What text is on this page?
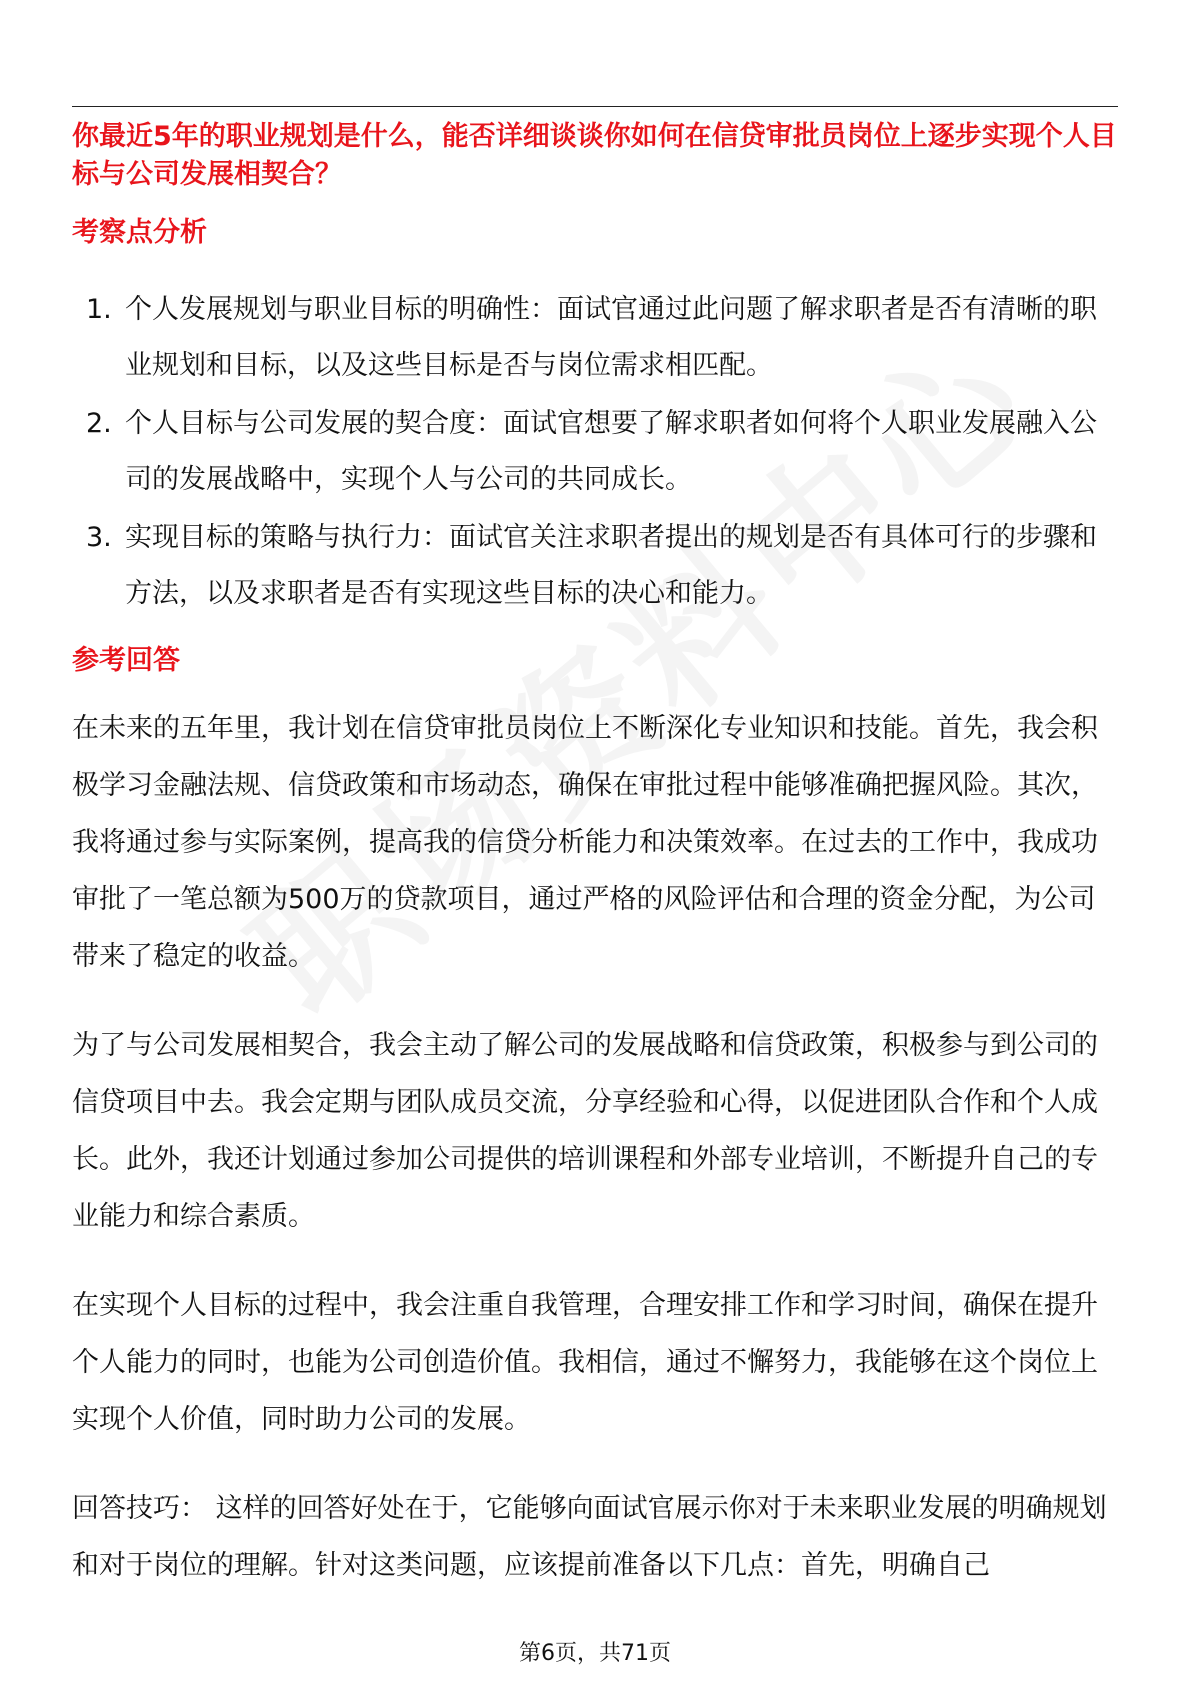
你最近5年的职业规划是什么，能否详细谈谈你如何在信贷审批员岗位上逐步实现个人目标与公司发展相契合？

考察点分析

1. 个人发展规划与职业目标的明确性：面试官通过此问题了解求职者是否有清晰的职业规划和目标，以及这些目标是否与岗位需求相匹配。
2. 个人目标与公司发展的契合度：面试官想要了解求职者如何将个人职业发展融入公司的发展战略中，实现个人与公司的共同成长。
3. 实现目标的策略与执行力：面试官关注求职者提出的规划是否有具体可行的步骤和方法，以及求职者是否有实现这些目标的决心和能力。

参考回答

在未来的五年里，我计划在信贷审批员岗位上不断深化专业知识和技能。首先，我会积极学习金融法规、信贷政策和市场动态，确保在审批过程中能够准确把握风险。其次，我将通过参与实际案例，提高我的信贷分析能力和决策效率。在过去的工作中，我成功审批了一笔总额为500万的贷款项目，通过严格的风险评估和合理的资金分配，为公司带来了稳定的收益。

为了与公司发展相契合，我会主动了解公司的发展战略和信贷政策，积极参与到公司的信贷项目中去。我会定期与团队成员交流，分享经验和心得，以促进团队合作和个人成长。此外，我还计划通过参加公司提供的培训课程和外部专业培训，不断提升自己的专业能力和综合素质。

在实现个人目标的过程中，我会注重自我管理，合理安排工作和学习时间，确保在提升个人能力的同时，也能为公司创造价值。我相信，通过不懈努力，我能够在这个岗位上实现个人价值，同时助力公司的发展。

回答技巧： 这样的回答好处在于，它能够向面试官展示你对于未来职业发展的明确规划和对于岗位的理解。针对这类问题，应该提前准备以下几点：首先，明确自己

第6页，共71页
